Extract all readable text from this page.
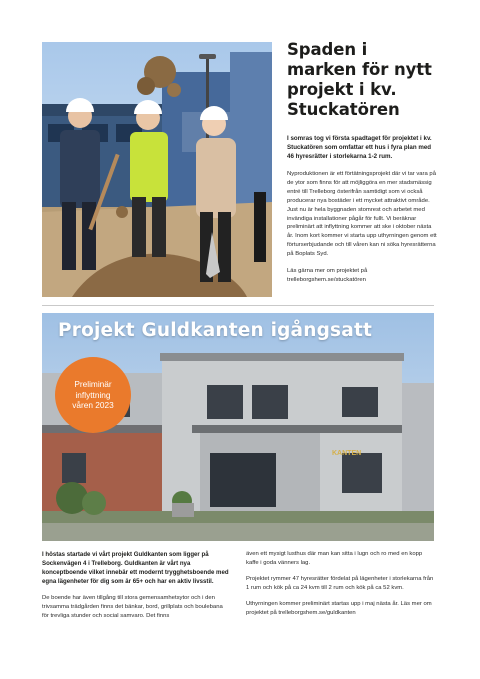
Spaden i marken för nytt projekt i kv. Stuckatören

I somras tog vi första spadtaget för projektet i kv. Stuckatören som omfattar ett hus i fyra plan med 46 hyresrätter i storlekarna 1-2 rum.

Nyproduktionen är ett förtätningsprojekt där vi tar vara på de ytor som finns för att möjliggöra en mer stadsmässig entré till Trelleborg österifrån samtidigt som vi också producerar nya bostäder i ett mycket attraktivt område. Just nu är hela byggnaden stomrest och arbetet med invändiga installationer pågår för fullt. Vi beräknar preliminärt att inflyttning kommer att ske i oktober nästa år. Inom kort kommer vi starta upp uthyrningen genom ett förturserbjudande och till våren kan ni söka hyresrätterna på Boplats Syd.

Läs gärna mer om projektet på trelleborgshem.se/stuckatören

KANTEN
Projekt Guldkanten igångsatt
Preliminär
inflyttning
våren 2023

I höstas startade vi vårt projekt Guldkanten som ligger på Sockenvägen 4 i Trelleborg. Guldkanten är vårt nya konceptboende vilket innebär ett modernt trygghetsboende med egna lägenheter för dig som är 65+ och har en aktiv livsstil.

De boende har även tillgång till stora gemensamhetsytor och i den trivsamma trädgården finns det bänkar, bord, grillplats och boulebana för trevliga stunder och social samvaro. Det finns

även ett mysigt lusthus där man kan sitta i lugn och ro med en kopp kaffe i goda vänners lag.

Projektet rymmer 47 hyresrätter fördelat på lägenheter i storlekarna från 1 rum och kök på ca 24 kvm till 2 rum och kök på ca 52 kvm.

Uthyrningen kommer preliminärt startas upp i maj nästa år. Läs mer om projektet på trelleborgshem.se/guldkanten
